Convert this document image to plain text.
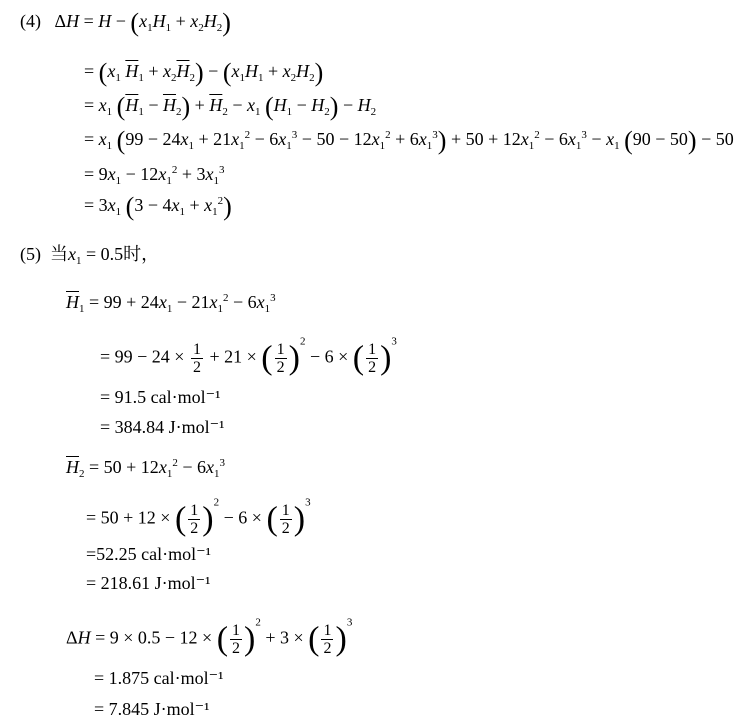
(4)   $\Delta H = H - (x_1H_1 + x_2H_2)$
= ($x_1$ $\overline{H}_1 + x_2\overline{H}_2) - (x_1H_1 + x_2H_2)$
= $x_1$ $(\overline{H}_1 - \overline{H}_2) + \overline{H}_2 - x_1$ $(H_1 - H_2) - H_2$
= $x_1$ $(99 - 24x_1 + 21x_1^2 - 6x_1^3 - 50 - 12x_1^2 + 6x_1^3) + 50 + 12x_1^2 - 6x_1^3 - x_1$ (90 − 50) − 50
= $9x_1 - 12x_1^2 + 3x_1^3$
= $3x_1$ $(3 - 4x_1 + x_1^2)$
(5) 当$x_1 = 0.5$时，
$\overline{H}_1 = 99 + 24x_1 - 21x_1^2 - 6x_1^3$
= $99 - 24 \times \frac{1}{2} + 21$ × ( $\frac{1}{2} )^2 - 6$ × ( $\frac{1}{2} )^3$
= 91.5 cal·mol⁻¹
= 384.84 J·mol⁻¹
$\overline{H}_2 = 50 + 12x_1^2 - 6x_1^3$
= 50 + 12 × ( $\frac{1}{2} )^2 - 6$ × ( $\frac{1}{2} )^3$
=52.25 cal·mol⁻¹
= 218.61 J·mol⁻¹
ΔH = 9 × 0.5 − 12 × ( $\frac{1}{2} )^2 + 3$ × ( $\frac{1}{2} )^3$
= 1.875 cal·mol⁻¹
= 7.845 J·mol⁻¹
